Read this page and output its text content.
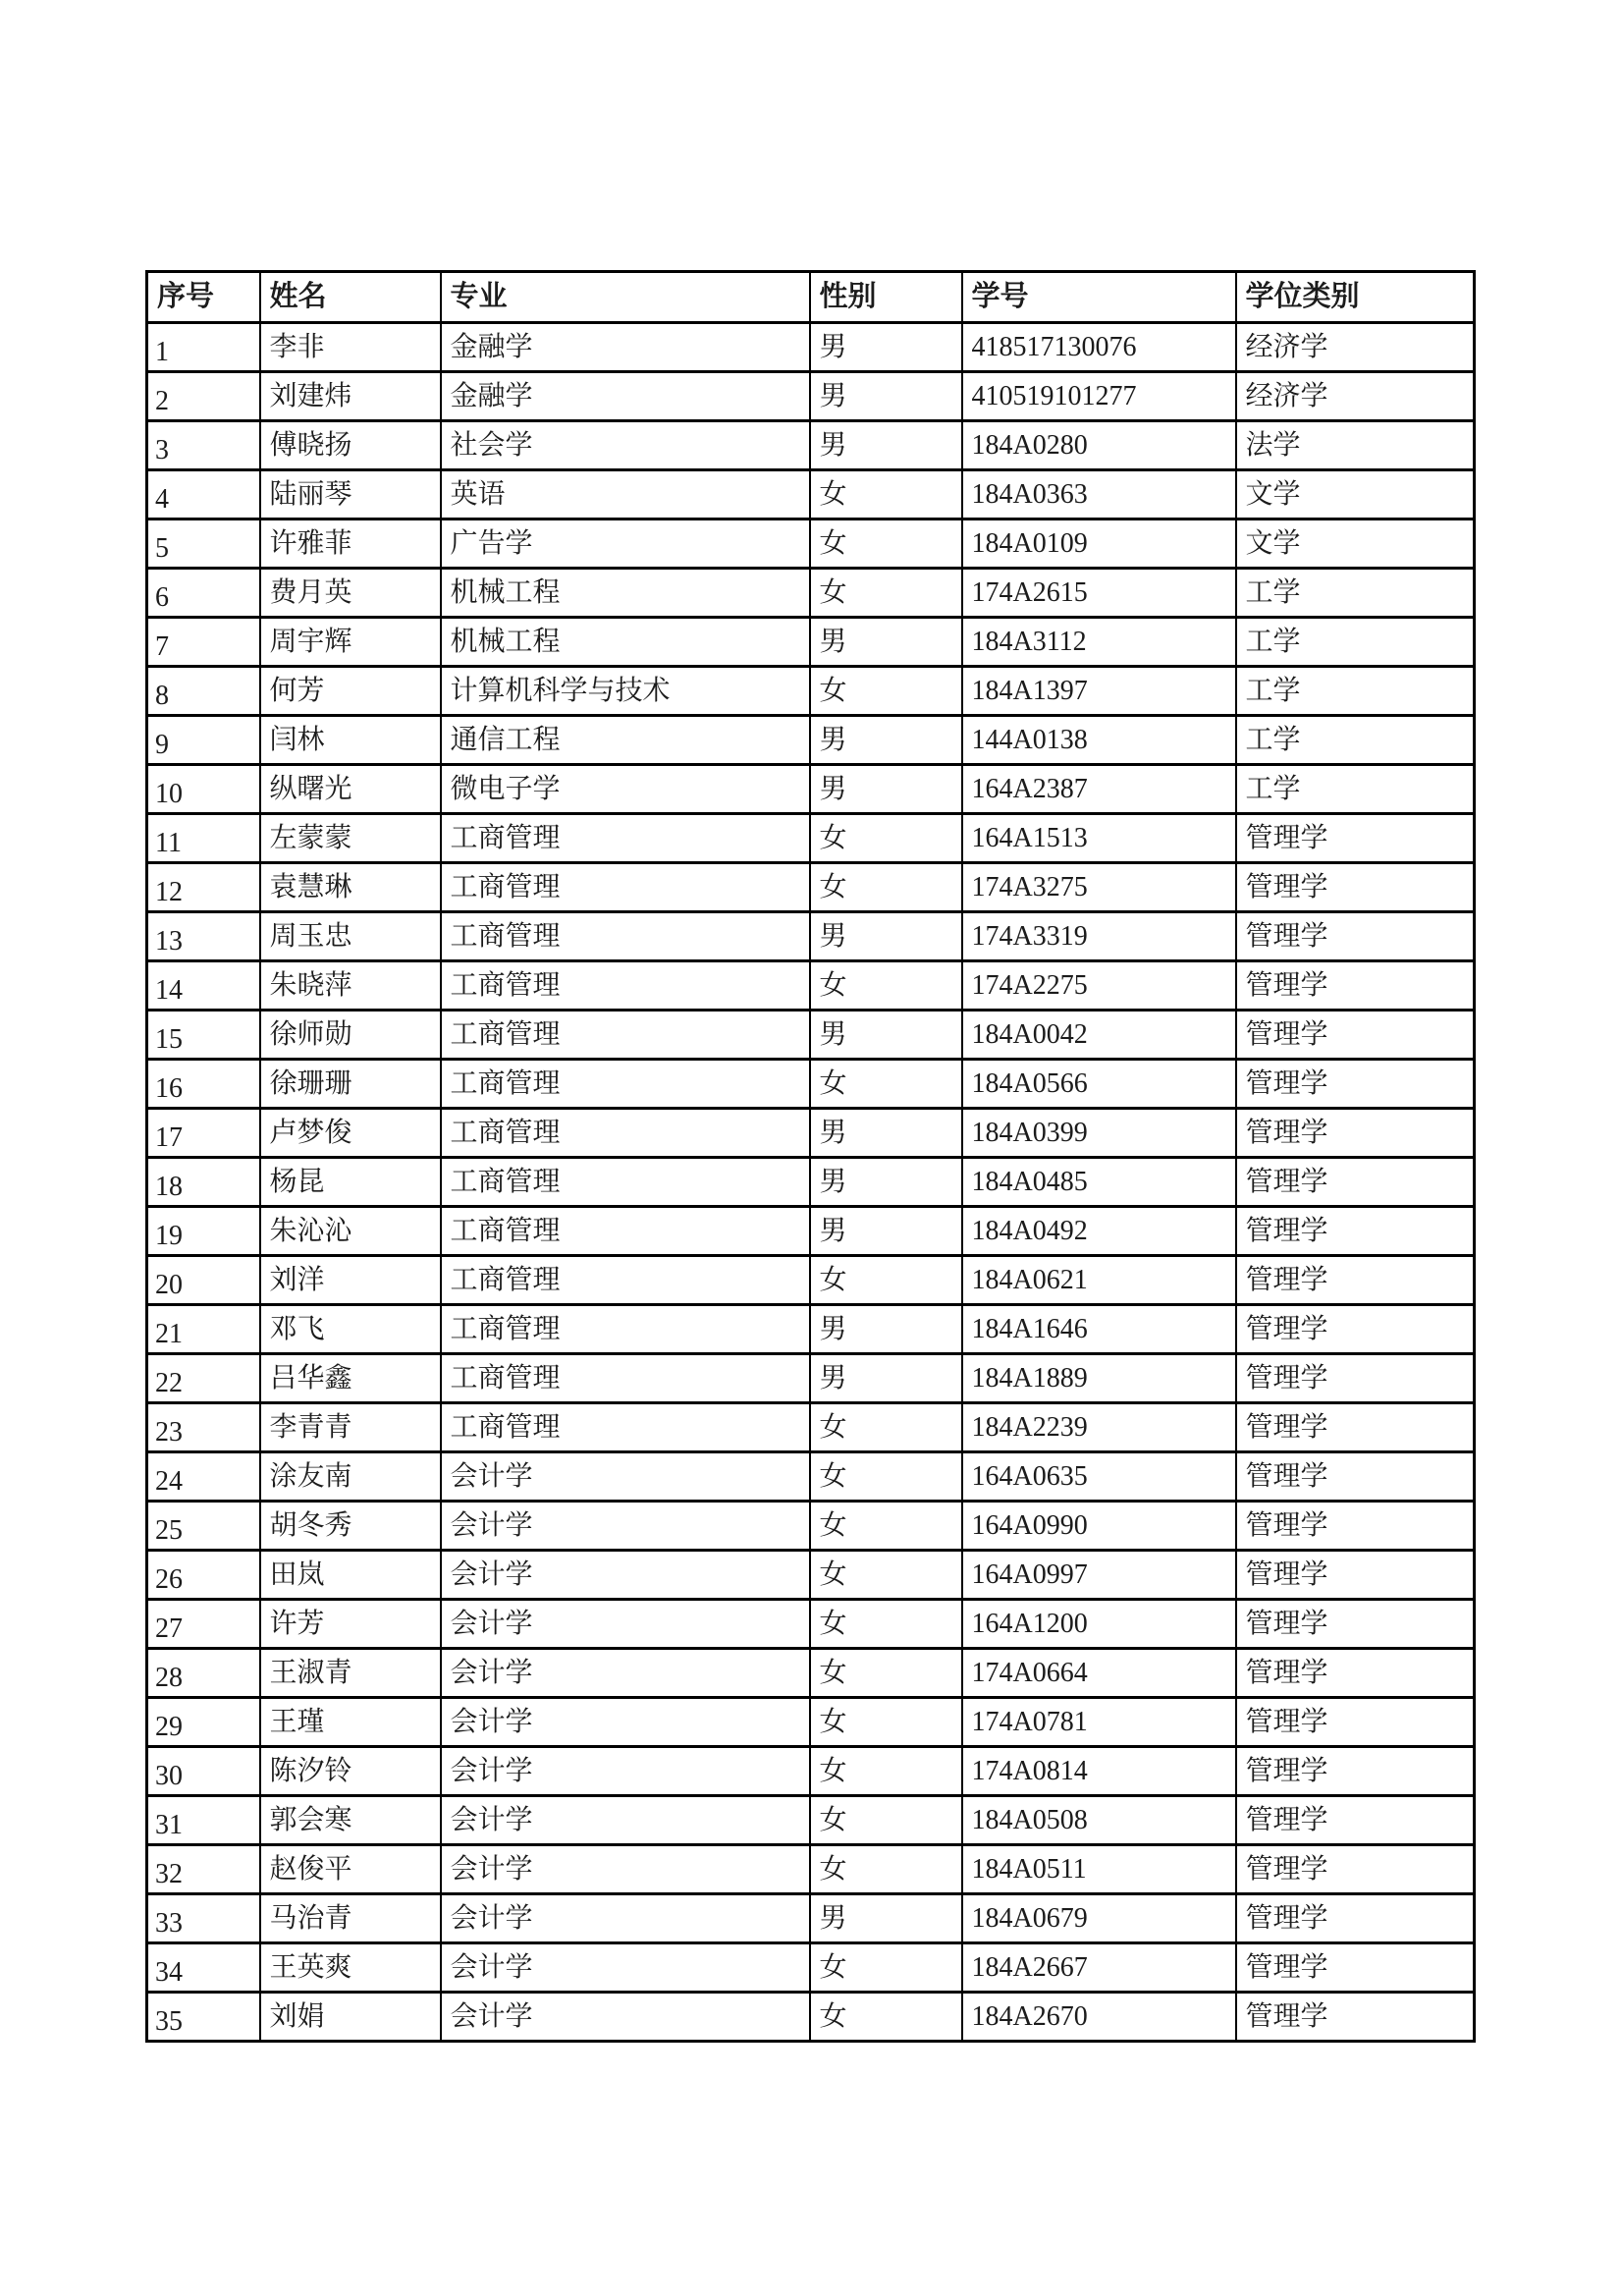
序号	姓名	专业	性别	学号	学位类别
1	李非	金融学	男	418517130076	经济学
2	刘建炜	金融学	男	410519101277	经济学
3	傅晓扬	社会学	男	184A0280	法学
4	陆丽琴	英语	女	184A0363	文学
5	许雅菲	广告学	女	184A0109	文学
6	费月英	机械工程	女	174A2615	工学
7	周宇辉	机械工程	男	184A3112	工学
8	何芳	计算机科学与技术	女	184A1397	工学
9	闫林	通信工程	男	144A0138	工学
10	纵曙光	微电子学	男	164A2387	工学
11	左蒙蒙	工商管理	女	164A1513	管理学
12	袁慧琳	工商管理	女	174A3275	管理学
13	周玉忠	工商管理	男	174A3319	管理学
14	朱晓萍	工商管理	女	174A2275	管理学
15	徐师勋	工商管理	男	184A0042	管理学
16	徐珊珊	工商管理	女	184A0566	管理学
17	卢梦俊	工商管理	男	184A0399	管理学
18	杨昆	工商管理	男	184A0485	管理学
19	朱沁沁	工商管理	男	184A0492	管理学
20	刘洋	工商管理	女	184A0621	管理学
21	邓飞	工商管理	男	184A1646	管理学
22	吕华鑫	工商管理	男	184A1889	管理学
23	李青青	工商管理	女	184A2239	管理学
24	涂友南	会计学	女	164A0635	管理学
25	胡冬秀	会计学	女	164A0990	管理学
26	田岚	会计学	女	164A0997	管理学
27	许芳	会计学	女	164A1200	管理学
28	王淑青	会计学	女	174A0664	管理学
29	王瑾	会计学	女	174A0781	管理学
30	陈汐铃	会计学	女	174A0814	管理学
31	郭会寒	会计学	女	184A0508	管理学
32	赵俊平	会计学	女	184A0511	管理学
33	马治青	会计学	男	184A0679	管理学
34	王英爽	会计学	女	184A2667	管理学
35	刘娟	会计学	女	184A2670	管理学
